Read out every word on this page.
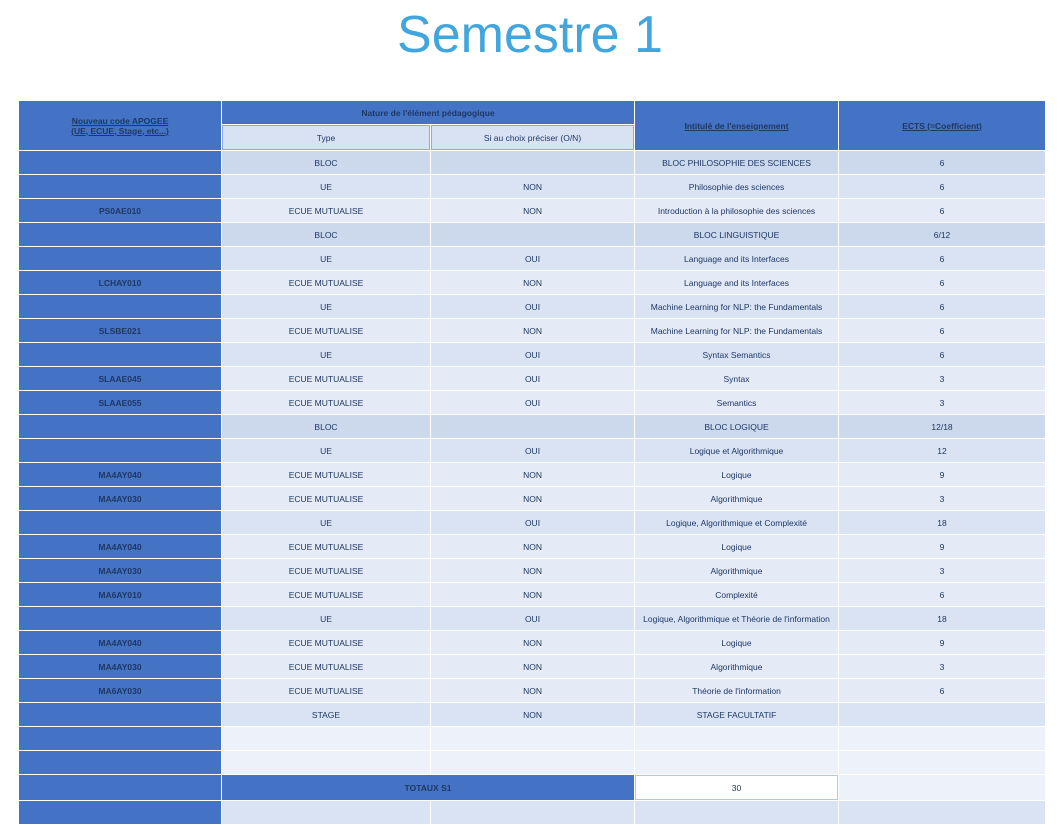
Semestre 1
Nouveau code APOGEE
(UE, ECUE, Stage, etc...)	Nature de l'élément pédagogique		Intitulé de l'enseignement	ECTS (=Coefficient)
	Type	Si au choix préciser (O/N)		
	BLOC		BLOC PHILOSOPHIE DES SCIENCES	6
	UE	NON	Philosophie des sciences	6
PS0AE010	ECUE MUTUALISE	NON	Introduction à la philosophie des sciences	6
	BLOC		BLOC LINGUISTIQUE	6/12
	UE	OUI	Language and its Interfaces	6
LCHAY010	ECUE MUTUALISE	NON	Language and its Interfaces	6
	UE	OUI	Machine Learning for NLP: the Fundamentals	6
SLSBE021	ECUE MUTUALISE	NON	Machine Learning for NLP: the Fundamentals	6
	UE	OUI	Syntax Semantics	6
SLAAE045	ECUE MUTUALISE	OUI	Syntax	3
SLAAE055	ECUE MUTUALISE	OUI	Semantics	3
	BLOC		BLOC LOGIQUE	12/18
	UE	OUI	Logique et Algorithmique	12
MA4AY040	ECUE MUTUALISE	NON	Logique	9
MA4AY030	ECUE MUTUALISE	NON	Algorithmique	3
	UE	OUI	Logique, Algorithmique et Complexité	18
MA4AY040	ECUE MUTUALISE	NON	Logique	9
MA4AY030	ECUE MUTUALISE	NON	Algorithmique	3
MA6AY010	ECUE MUTUALISE	NON	Complexité	6
	UE	OUI	Logique, Algorithmique et Théorie de l'information	18
MA4AY040	ECUE MUTUALISE	NON	Logique	9
MA4AY030	ECUE MUTUALISE	NON	Algorithmique	3
MA6AY030	ECUE MUTUALISE	NON	Théorie de l'information	6
	STAGE	NON	STAGE FACULTATIF	

	TOTAUX S1		30	
